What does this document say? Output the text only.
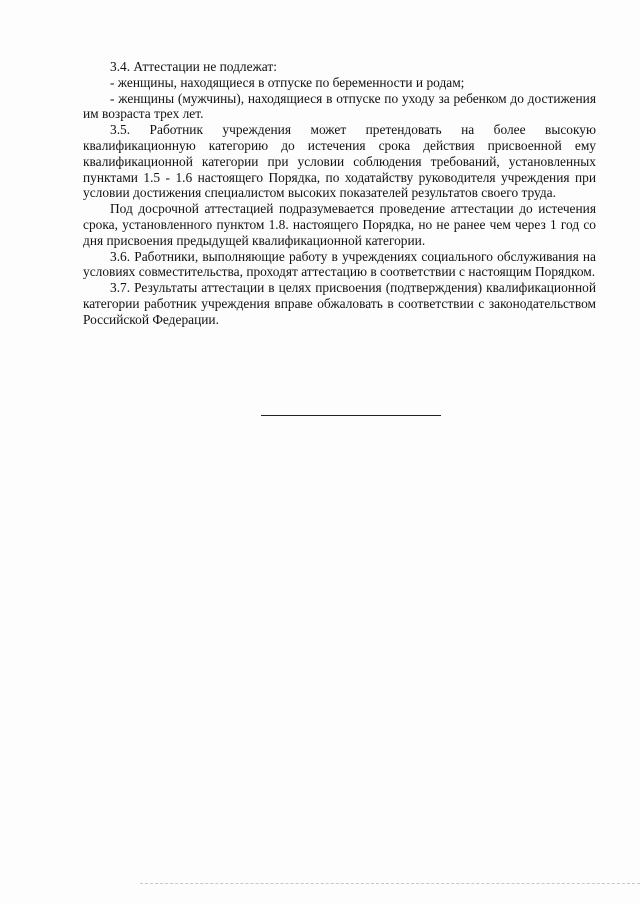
3.4. Аттестации не подлежат:

- женщины, находящиеся в отпуске по беременности и родам;

- женщины (мужчины), находящиеся в отпуске по уходу за ребенком до достижения им возраста трех лет.

3.5. Работник учреждения может претендовать на более высокую квалификационную категорию до истечения срока действия присвоенной ему квалификационной категории при условии соблюдения требований, установленных пунктами 1.5 - 1.6 настоящего Порядка, по ходатайству руководителя учреждения при условии достижения специалистом высоких показателей результатов своего труда.

Под досрочной аттестацией подразумевается проведение аттестации до истечения срока, установленного пунктом 1.8. настоящего Порядка, но не ранее чем через 1 год со дня присвоения предыдущей квалификационной категории.

3.6. Работники, выполняющие работу в учреждениях социального обслуживания на условиях совместительства, проходят аттестацию в соответствии с настоящим Порядком.

3.7. Результаты аттестации в целях присвоения (подтверждения) квалификационной категории работник учреждения вправе обжаловать в соответствии с законодательством Российской Федерации.
